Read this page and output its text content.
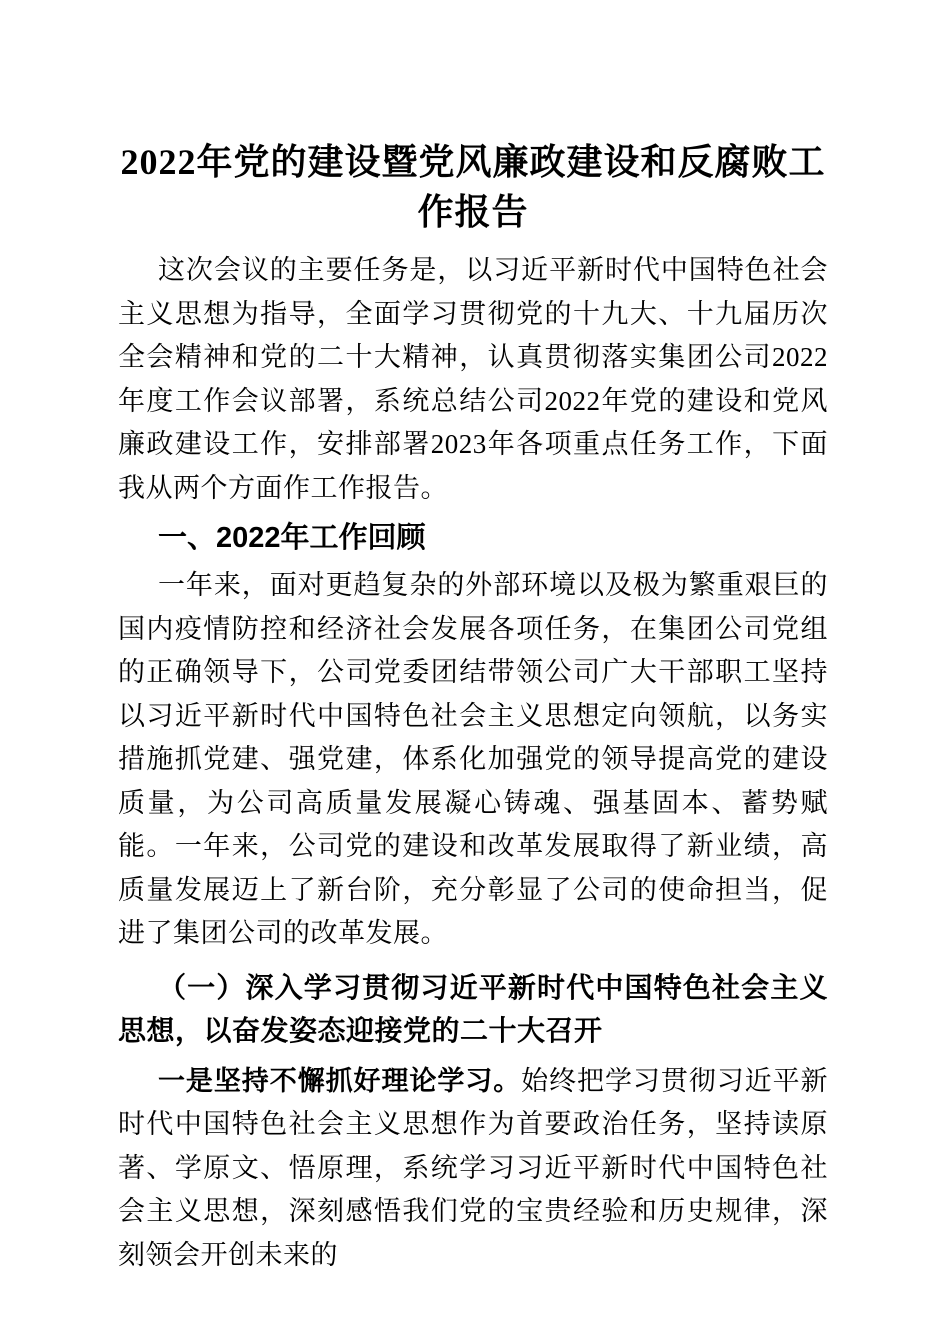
2022年党的建设暨党风廉政建设和反腐败工作报告

这次会议的主要任务是，以习近平新时代中国特色社会主义思想为指导，全面学习贯彻党的十九大、十九届历次全会精神和党的二十大精神，认真贯彻落实集团公司2022年度工作会议部署，系统总结公司2022年党的建设和党风廉政建设工作，安排部署2023年各项重点任务工作，下面我从两个方面作工作报告。

一、2022年工作回顾

一年来，面对更趋复杂的外部环境以及极为繁重艰巨的国内疫情防控和经济社会发展各项任务，在集团公司党组的正确领导下，公司党委团结带领公司广大干部职工坚持以习近平新时代中国特色社会主义思想定向领航，以务实措施抓党建、强党建，体系化加强党的领导提高党的建设质量，为公司高质量发展凝心铸魂、强基固本、蓄势赋能。一年来，公司党的建设和改革发展取得了新业绩，高质量发展迈上了新台阶，充分彰显了公司的使命担当，促进了集团公司的改革发展。

（一）深入学习贯彻习近平新时代中国特色社会主义思想，以奋发姿态迎接党的二十大召开

一是坚持不懈抓好理论学习。始终把学习贯彻习近平新时代中国特色社会主义思想作为首要政治任务，坚持读原著、学原文、悟原理，系统学习习近平新时代中国特色社会主义思想，深刻感悟我们党的宝贵经验和历史规律，深刻领会开创未来的
